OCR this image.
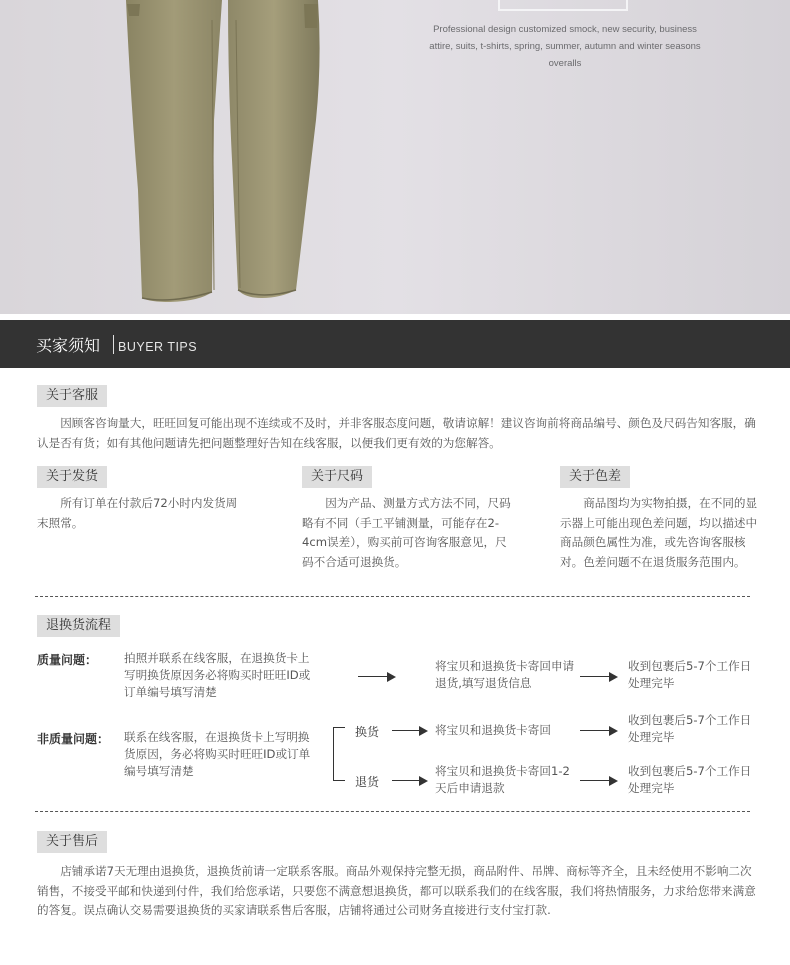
Professional design customized smock, new security, business attire, suits, t-shirts, spring, summer, autumn and winter seasons overalls
买家须知 BUYER TIPS
关于客服
因顾客咨询量大，旺旺回复可能出现不连续或不及时，并非客服态度问题，敬请谅解！建议咨询前将商品编号、颜色及尺码告知客服，确认是否有货；如有其他问题请先把问题整理好告知在线客服，以便我们更有效的为您解答。
关于发货
所有订单在付款后72小时内发货周末照常。
关于尺码
因为产品、测量方式方法不同，尺码略有不同（手工平铺测量，可能存在2-4cm误差），购买前可咨询客服意见，尺码不合适可退换货。
关于色差
商品图均为实物拍摄，在不同的显示器上可能出现色差问题，均以描述中商品颜色属性为准，或先咨询客服核对。色差问题不在退货服务范围内。
退换货流程
质量问题： 拍照并联系在线客服，在退换货卡上写明换货原因务必将购买时旺旺ID或订单编号填写清楚
将宝贝和退换货卡寄回申请退货,填写退货信息
收到包裹后5-7个工作日处理完毕
非质量问题： 联系在线客服，在退换货卡上写明换货原因，务必将购买时旺旺ID或订单编号填写清楚
换货
退货
将宝贝和退换货卡寄回
收到包裹后5-7个工作日处理完毕
将宝贝和退换货卡寄回1-2天后申请退款
收到包裹后5-7个工作日处理完毕
关于售后
店铺承诺7天无理由退换货，退换货前请一定联系客服。商品外观保持完整无损，商品附件、吊牌、商标等齐全，且未经使用不影响二次销售，不接受平邮和快递到付件，我们给您承诺，只要您不满意想退换货，都可以联系我们的在线客服，我们将热情服务，力求给您带来满意的答复。误点确认交易需要退换货的买家请联系售后客服，店铺将通过公司财务直接进行支付宝打款.
